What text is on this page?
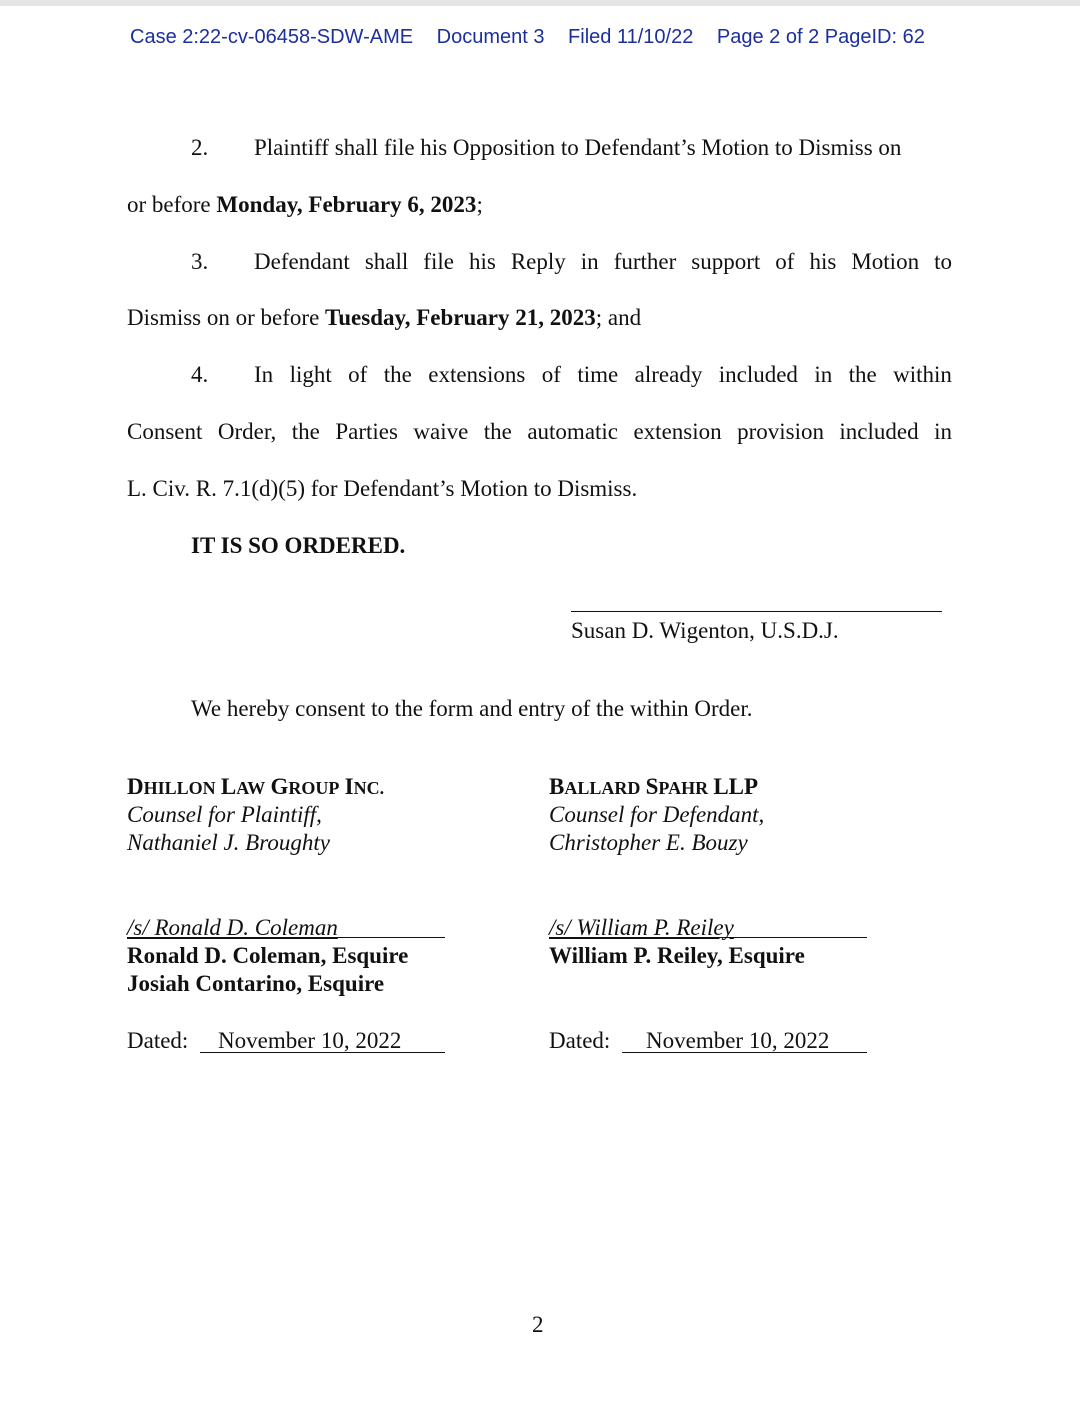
Case 2:22-cv-06458-SDW-AME Document 3 Filed 11/10/22 Page 2 of 2 PageID: 62
2. Plaintiff shall file his Opposition to Defendant’s Motion to Dismiss on
or before Monday, February 6, 2023;
3. Defendant shall file his Reply in further support of his Motion to
Dismiss on or before Tuesday, February 21, 2023; and
4. In light of the extensions of time already included in the within
Consent Order, the Parties waive the automatic extension provision included in
L. Civ. R. 7.1(d)(5) for Defendant’s Motion to Dismiss.
IT IS SO ORDERED.
Susan D. Wigenton, U.S.D.J.
We hereby consent to the form and entry of the within Order.
DHILLON LAW GROUP INC.
Counsel for Plaintiff,
Nathaniel J. Broughty
/s/ Ronald D. Coleman
Ronald D. Coleman, Esquire
Josiah Contarino, Esquire
Dated: November 10, 2022
BALLARD SPAHR LLP
Counsel for Defendant,
Christopher E. Bouzy
/s/ William P. Reiley
William P. Reiley, Esquire
Dated: November 10, 2022
2
